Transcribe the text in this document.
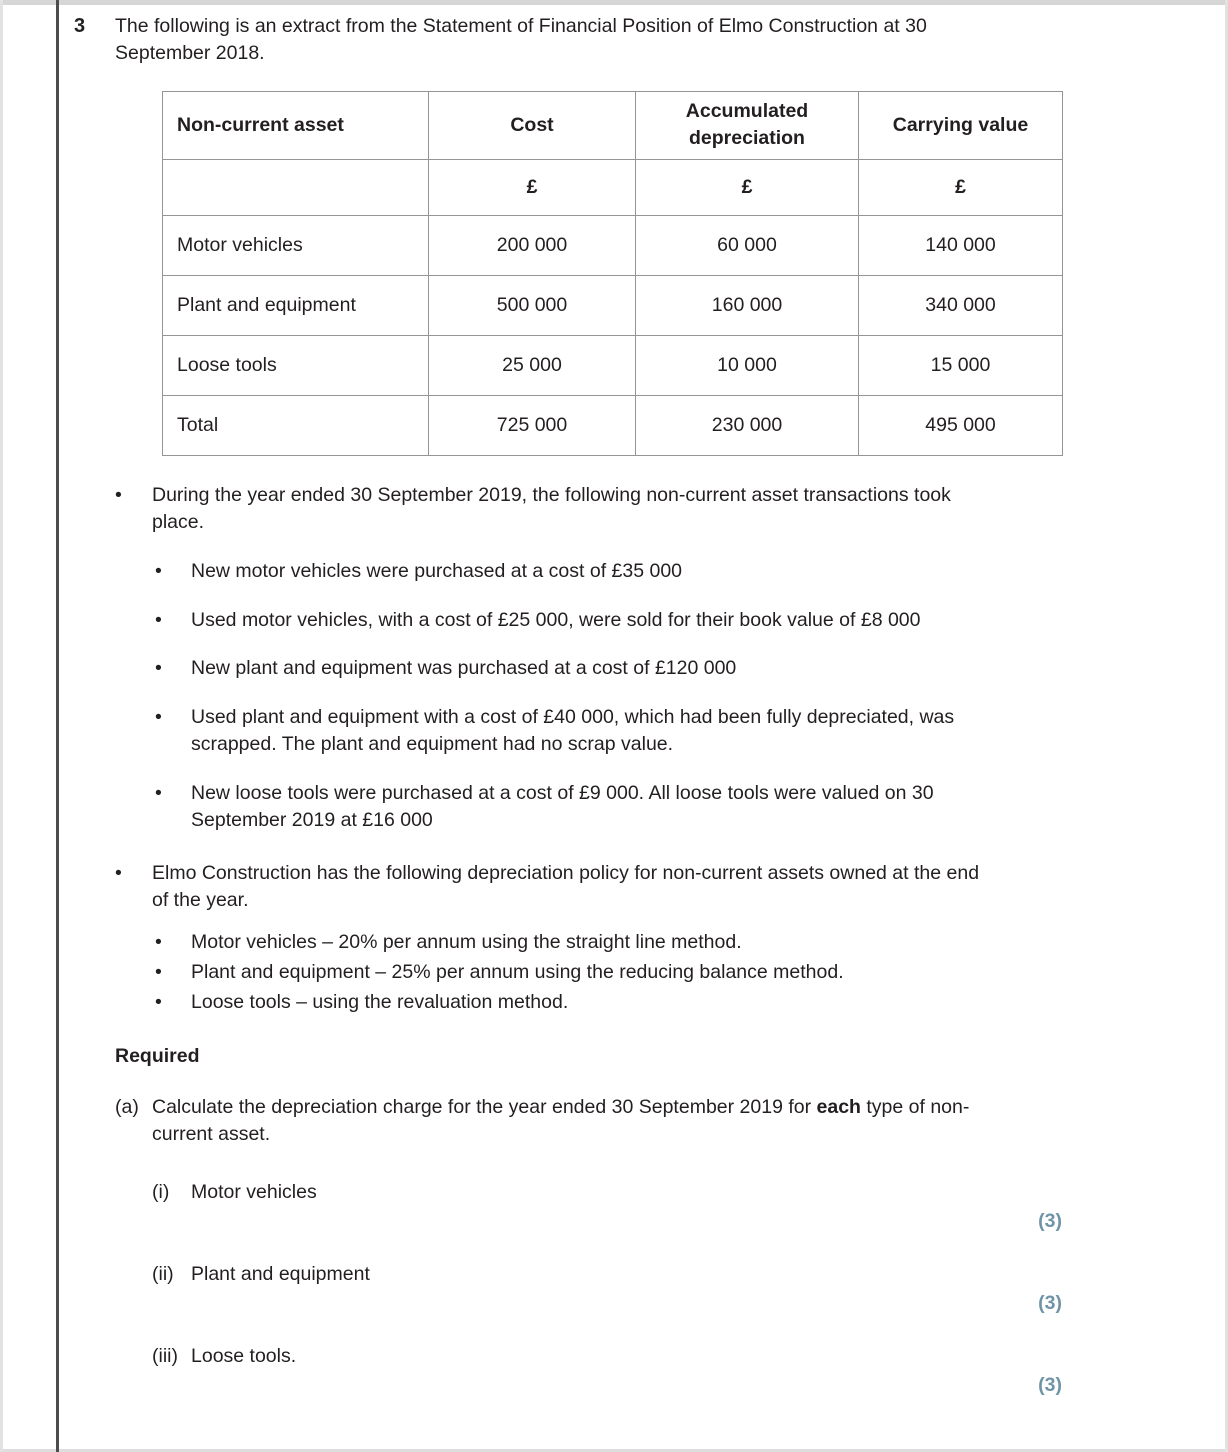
3 The following is an extract from the Statement of Financial Position of Elmo Construction at 30 September 2018.

Non-current asset	Cost	Accumulated depreciation	Carrying value
	£	£	£
Motor vehicles	200 000	60 000	140 000
Plant and equipment	500 000	160 000	340 000
Loose tools	25 000	10 000	15 000
Total	725 000	230 000	495 000
•	During the year ended 30 September 2019, the following non-current asset transactions took place.

•	New motor vehicles were purchased at a cost of £35 000

•	Used motor vehicles, with a cost of £25 000, were sold for their book value of £8 000

•	New plant and equipment was purchased at a cost of £120 000

•	Used plant and equipment with a cost of £40 000, which had been fully depreciated, was scrapped. The plant and equipment had no scrap value.

•	New loose tools were purchased at a cost of £9 000. All loose tools were valued on 30 September 2019 at £16 000

•	Elmo Construction has the following depreciation policy for non-current assets owned at the end of the year.

•	Motor vehicles – 20% per annum using the straight line method.

•	Plant and equipment – 25% per annum using the reducing balance method.

•	Loose tools – using the revaluation method.

Required
(a) Calculate the depreciation charge for the year ended 30 September 2019 for each type of non-current asset.

(i)	Motor vehicles
(3)
(ii) Plant and equipment
(3)
(iii) Loose tools.
(3)
